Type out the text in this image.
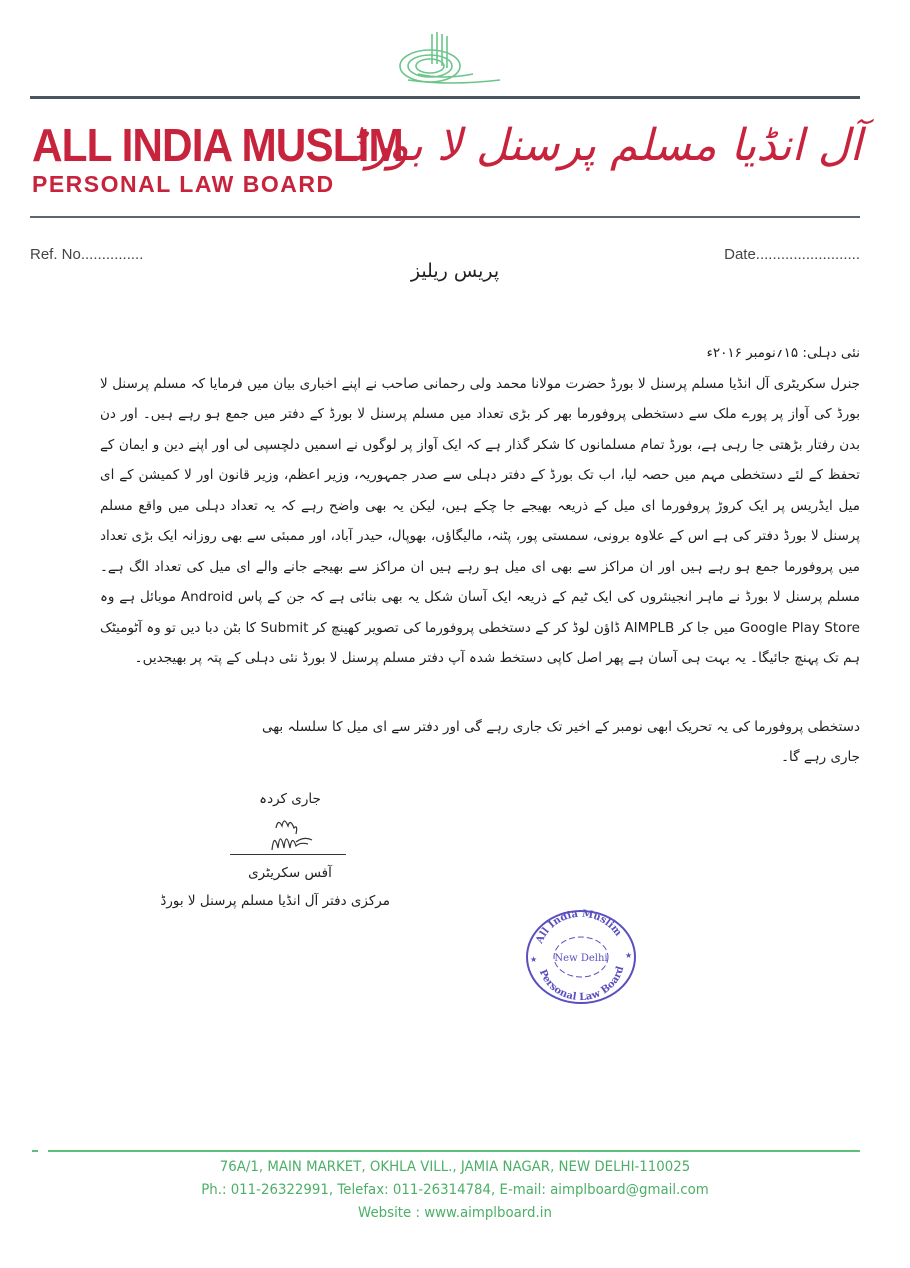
ALL INDIA MUSLIM
PERSONAL LAW BOARD
آل انڈیا مسلم پرسنل لا بورڈ
Ref. No...............	Date.........................
پریس ریلیز
نئی دہلی: ۱۵؍نومبر ۲۰۱۶ء
جنرل سکریٹری آل انڈیا مسلم پرسنل لا بورڈ حضرت مولانا محمد ولی رحمانی صاحب نے اپنے اخباری بیان میں فرمایا کہ مسلم پرسنل لا بورڈ کی آواز پر پورے ملک سے دستخطی پروفورما بھر کر بڑی تعداد میں مسلم پرسنل لا بورڈ کے دفتر میں جمع ہو رہے ہیں۔ اور دن بدن رفتار بڑھتی جا رہی ہے، بورڈ تمام مسلمانوں کا شکر گذار ہے کہ ایک آواز پر لوگوں نے اسمیں دلچسپی لی اور اپنے دین و ایمان کے تحفظ کے لئے دستخطی مہم میں حصہ لیا، اب تک بورڈ کے دفتر دہلی سے صدر جمہوریہ، وزیر اعظم، وزیر قانون اور لا کمیشن کے ای میل ایڈریس پر ایک کروڑ پروفورما ای میل کے ذریعہ بھیجے جا چکے ہیں، لیکن یہ بھی واضح رہے کہ یہ تعداد دہلی میں واقع مسلم پرسنل لا بورڈ دفتر کی ہے اس کے علاوہ برونی، سمستی پور، پٹنہ، مالیگاؤں، بھوپال، حیدر آباد، اور ممبئی سے بھی روزانہ ایک بڑی تعداد میں پروفورما جمع ہو رہے ہیں اور ان مراکز سے بھی ای میل ہو رہے ہیں ان مراکز سے بھیجے جانے والے ای میل کی تعداد الگ ہے۔ مسلم پرسنل لا بورڈ نے ماہر انجینئروں کی ایک ٹیم کے ذریعہ ایک آسان شکل یہ بھی بنائی ہے کہ جن کے پاس Android موبائل ہے وہ Google Play Store میں جا کر AIMPLB ڈاؤن لوڈ کر کے دستخطی پروفورما کی تصویر کھینچ کر Submit کا بٹن دبا دیں تو وہ آٹومیٹک ہم تک پہنچ جائیگا۔ یہ بہت ہی آسان ہے پھر اصل کاپی دستخط شدہ آپ دفتر مسلم پرسنل لا بورڈ نئی دہلی کے پتہ پر بھیجدیں۔
دستخطی پروفورما کی یہ تحریک ابھی نومبر کے اخیر تک جاری رہے گی اور دفتر سے ای میل کا سلسلہ بھی جاری رہے گا۔
جاری کردہ
آفس سکریٹری
مرکزی دفتر آل انڈیا مسلم پرسنل لا بورڈ
All India Muslim
Personal Law Board
New Delhi
★	★
76A/1, MAIN MARKET, OKHLA VILL., JAMIA NAGAR, NEW DELHI-110025
Ph.: 011-26322991, Telefax: 011-26314784, E-mail: aimplboard@gmail.com
Website : www.aimplboard.in
